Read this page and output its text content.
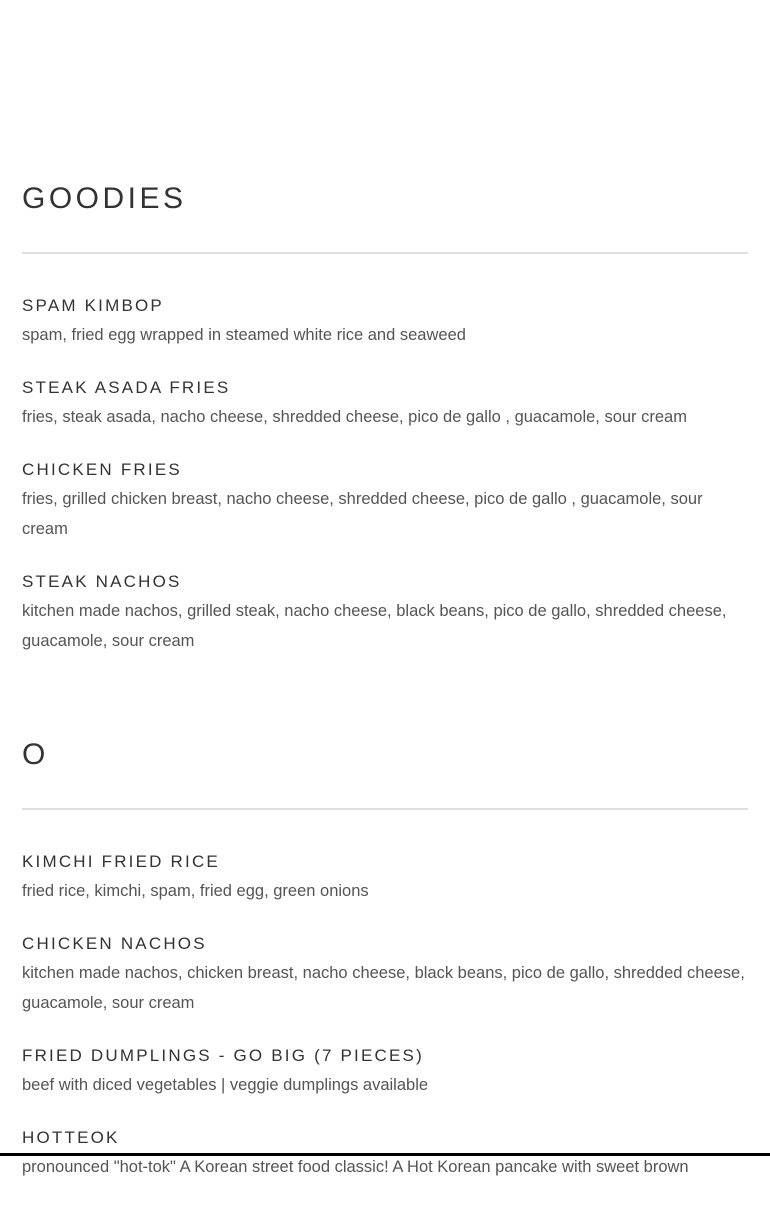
GOODIES
SPAM KIMBOP

spam, fried egg wrapped in steamed white rice and seaweed

STEAK ASADA FRIES

fries, steak asada, nacho cheese, shredded cheese, pico de gallo , guacamole, sour cream

CHICKEN FRIES

fries, grilled chicken breast, nacho cheese, shredded cheese, pico de gallo , guacamole, sour cream

STEAK NACHOS

kitchen made nachos, grilled steak, nacho cheese, black beans, pico de gallo, shredded cheese, guacamole, sour cream

O
KIMCHI FRIED RICE

fried rice, kimchi, spam, fried egg, green onions

CHICKEN NACHOS

kitchen made nachos, chicken breast, nacho cheese, black beans, pico de gallo, shredded cheese, guacamole, sour cream

FRIED DUMPLINGS - GO BIG (7 PIECES)

beef with diced vegetables | veggie dumplings available

HOTTEOK

pronounced "hot-tok" A Korean street food classic! A Hot Korean pancake with sweet brown
